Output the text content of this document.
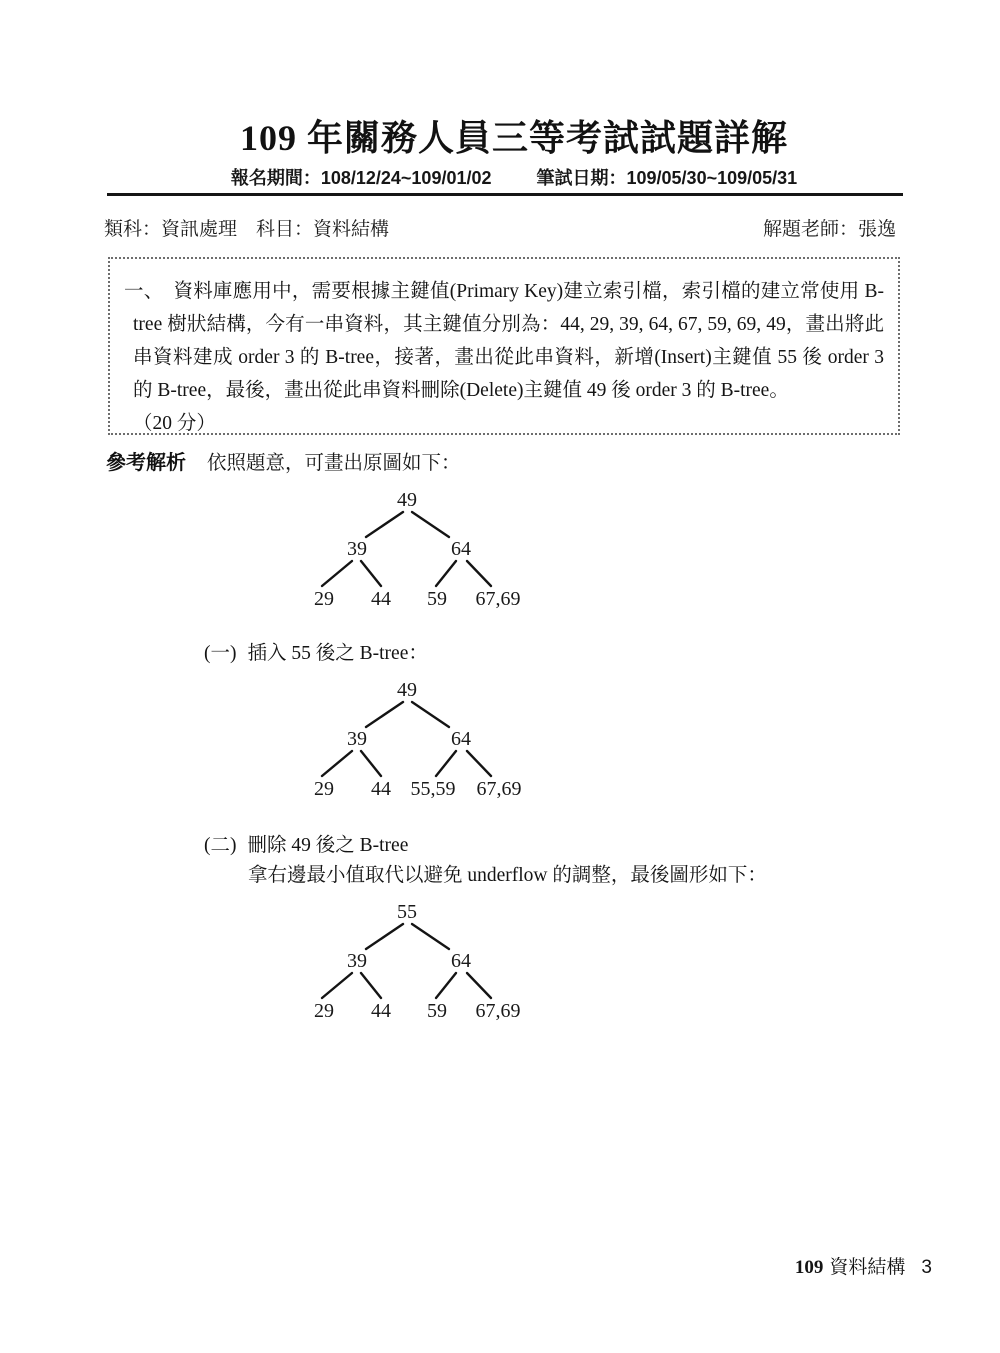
109 年關務人員三等考試試題詳解
報名期間：108/12/24~109/01/02	筆試日期：109/05/30~109/05/31
類科：資訊處理　科目：資料結構	解題老師：張逸
一、 資料庫應用中，需要根據主鍵值(Primary Key)建立索引檔，索引檔的建立常使用 B-tree 樹狀結構，今有一串資料，其主鍵值分別為：44, 29, 39, 64, 67, 59, 69, 49，畫出將此串資料建成 order 3 的 B-tree，接著，畫出從此串資料，新增(Insert)主鍵值 55 後 order 3 的 B-tree，最後，畫出從此串資料刪除(Delete)主鍵值 49 後 order 3 的 B-tree。
（20 分）
參考解析 依照題意，可畫出原圖如下：
49
39	64
29 44 59 67,69
(一) 插入 55 後之 B-tree：
49
39	64
29 44 55,59 67,69
(二) 刪除 49 後之 B-tree
拿右邊最小值取代以避免 underflow 的調整，最後圖形如下：
55
39	64
29 44 59 67,69
109 資料結構 3
